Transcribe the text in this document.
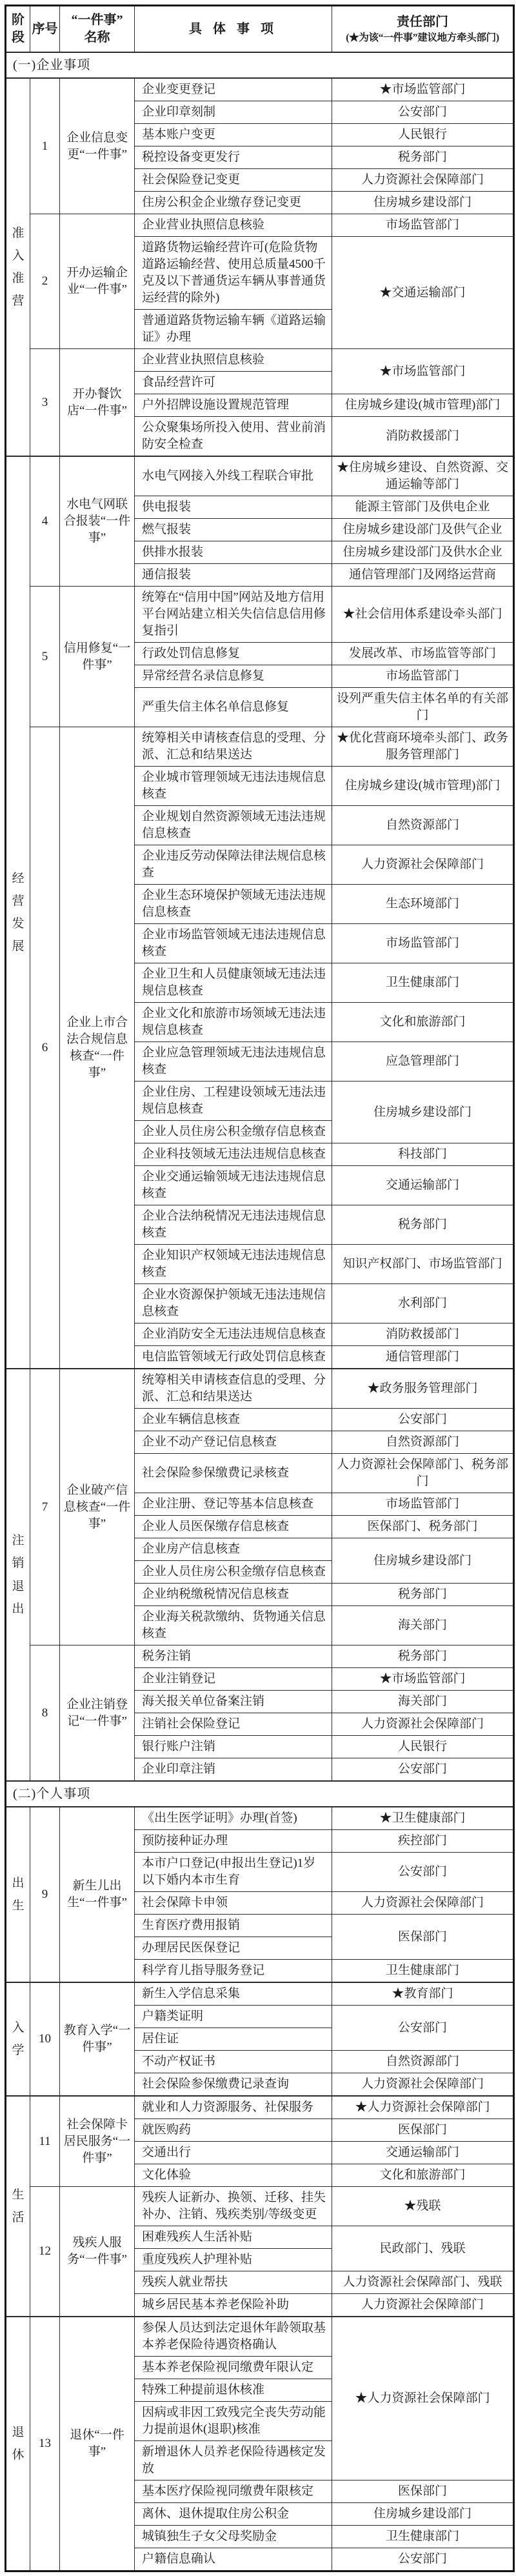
阶段	序号	“一件事”
名称	具 体 事 项	责任部门
(★为该“一件事”建议地方牵头部门)

(一)企业事项				

准入准营	1	企业信息变更“一件事”	企业变更登记	★市场监管部门
			企业印章刻制	公安部门
			基本账户变更	人民银行
			税控设备变更发行	税务部门
			社会保险登记变更	人力资源社会保障部门
			住房公积金企业缴存登记变更	住房城乡建设部门
	2	开办运输企业“一件事”	企业营业执照信息核验	市场监管部门
			道路货物运输经营许可(危险货物道路运输经营、使用总质量4500千克及以下普通货运车辆从事普通货运经营的除外)	★交通运输部门
			普通道路货物运输车辆《道路运输证》办理	
	3	开办餐饮店“一件事”	企业营业执照信息核验	★市场监管部门
			食品经营许可	
			户外招牌设施设置规范管理	住房城乡建设(城市管理)部门
			公众聚集场所投入使用、营业前消防安全检查	消防救援部门

经营发展	4	水电气网联合报装“一件事”	水电气网接入外线工程联合审批	★住房城乡建设、自然资源、交通运输等部门
			供电报装	能源主管部门及供电企业
			燃气报装	住房城乡建设部门及供气企业
			供排水报装	住房城乡建设部门及供水企业
			通信报装	通信管理部门及网络运营商
	5	信用修复“一件事”	统筹在“信用中国”网站及地方信用平台网站建立相关失信信息信用修复指引	★社会信用体系建设牵头部门
			行政处罚信息修复	发展改革、市场监管等部门
			异常经营名录信息修复	市场监管部门
			严重失信主体名单信息修复	设列严重失信主体名单的有关部门
	6	企业上市合法合规信息核查“一件事”	统筹相关申请核查信息的受理、分派、汇总和结果送达	★优化营商环境牵头部门、政务服务管理部门
			企业城市管理领域无违法违规信息核查	住房城乡建设(城市管理)部门
			企业规划自然资源领域无违法违规信息核查	自然资源部门
			企业违反劳动保障法律法规信息核查	人力资源社会保障部门
			企业生态环境保护领域无违法违规信息核查	生态环境部门
			企业市场监管领域无违法违规信息核查	市场监管部门
			企业卫生和人员健康领域无违法违规信息核查	卫生健康部门
			企业文化和旅游市场领域无违法违规信息核查	文化和旅游部门
			企业应急管理领域无违法违规信息核查	应急管理部门
			企业住房、工程建设领域无违法违规信息核查	住房城乡建设部门
			企业人员住房公积金缴存信息核查	
			企业科技领域无违法违规信息核查	科技部门
			企业交通运输领域无违法违规信息核查	交通运输部门
			企业合法纳税情况无违法违规信息核查	税务部门
			企业知识产权领域无违法违规信息核查	知识产权部门、市场监管部门
			企业水资源保护领域无违法违规信息核查	水利部门
			企业消防安全无违法违规信息核查	消防救援部门
			电信监管领域无行政处罚信息核查	通信管理部门

注销退出	7	企业破产信息核查“一件事”	统筹相关申请核查信息的受理、分派、汇总和结果送达	★政务服务管理部门
			企业车辆信息核查	公安部门
			企业不动产登记信息核查	自然资源部门
			社会保险参保缴费记录核查	人力资源社会保障部门、税务部门
			企业注册、登记等基本信息核查	市场监管部门
			企业人员医保缴存信息核查	医保部门、税务部门
			企业房产信息核查	住房城乡建设部门
			企业人员住房公积金缴存信息核查	
			企业纳税缴税情况信息核查	税务部门
			企业海关税款缴纳、货物通关信息核查	海关部门
	8	企业注销登记“一件事”	税务注销	税务部门
			企业注销登记	★市场监管部门
			海关报关单位备案注销	海关部门
			注销社会保险登记	人力资源社会保障部门
			银行账户注销	人民银行
			企业印章注销	公安部门
(二)个人事项				

出生	9	新生儿出生“一件事”	《出生医学证明》办理(首签)	★卫生健康部门
			预防接种证办理	疾控部门
			本市户口登记(申报出生登记)1岁以下婚内本市生育	公安部门
			社会保障卡申领	人力资源社会保障部门
			生育医疗费用报销	医保部门
			办理居民医保登记	
			科学育儿指导服务登记	卫生健康部门

入学	10	教育入学“一件事”	新生入学信息采集	★教育部门
			户籍类证明	公安部门
			居住证	
			不动产权证书	自然资源部门
			社会保险参保缴费记录查询	人力资源社会保障部门

生活	11	社会保障卡居民服务“一件事”	就业和人力资源服务、社保服务	★人力资源社会保障部门
			就医购药	医保部门
			交通出行	交通运输部门
			文化体验	文化和旅游部门
	12	残疾人服务“一件事”	残疾人证新办、换领、迁移、挂失补办、注销、残疾类别/等级变更	★残联
			困难残疾人生活补贴	民政部门、残联
			重度残疾人护理补贴	
			残疾人就业帮扶	人力资源社会保障部门、残联
			城乡居民基本养老保险补助	人力资源社会保障部门

退休	13	退休“一件事”	参保人员达到法定退休年龄领取基本养老保险待遇资格确认	★人力资源社会保障部门
			基本养老保险视同缴费年限认定	
			特殊工种提前退休核准	
			因病或非因工致残完全丧失劳动能力提前退休(退职)核准	
			新增退休人员养老保险待遇核定发放	
			基本医疗保险视同缴费年限核定	医保部门
			离休、退休提取住房公积金	住房城乡建设部门
			城镇独生子女父母奖励金	卫生健康部门
			户籍信息确认	公安部门
